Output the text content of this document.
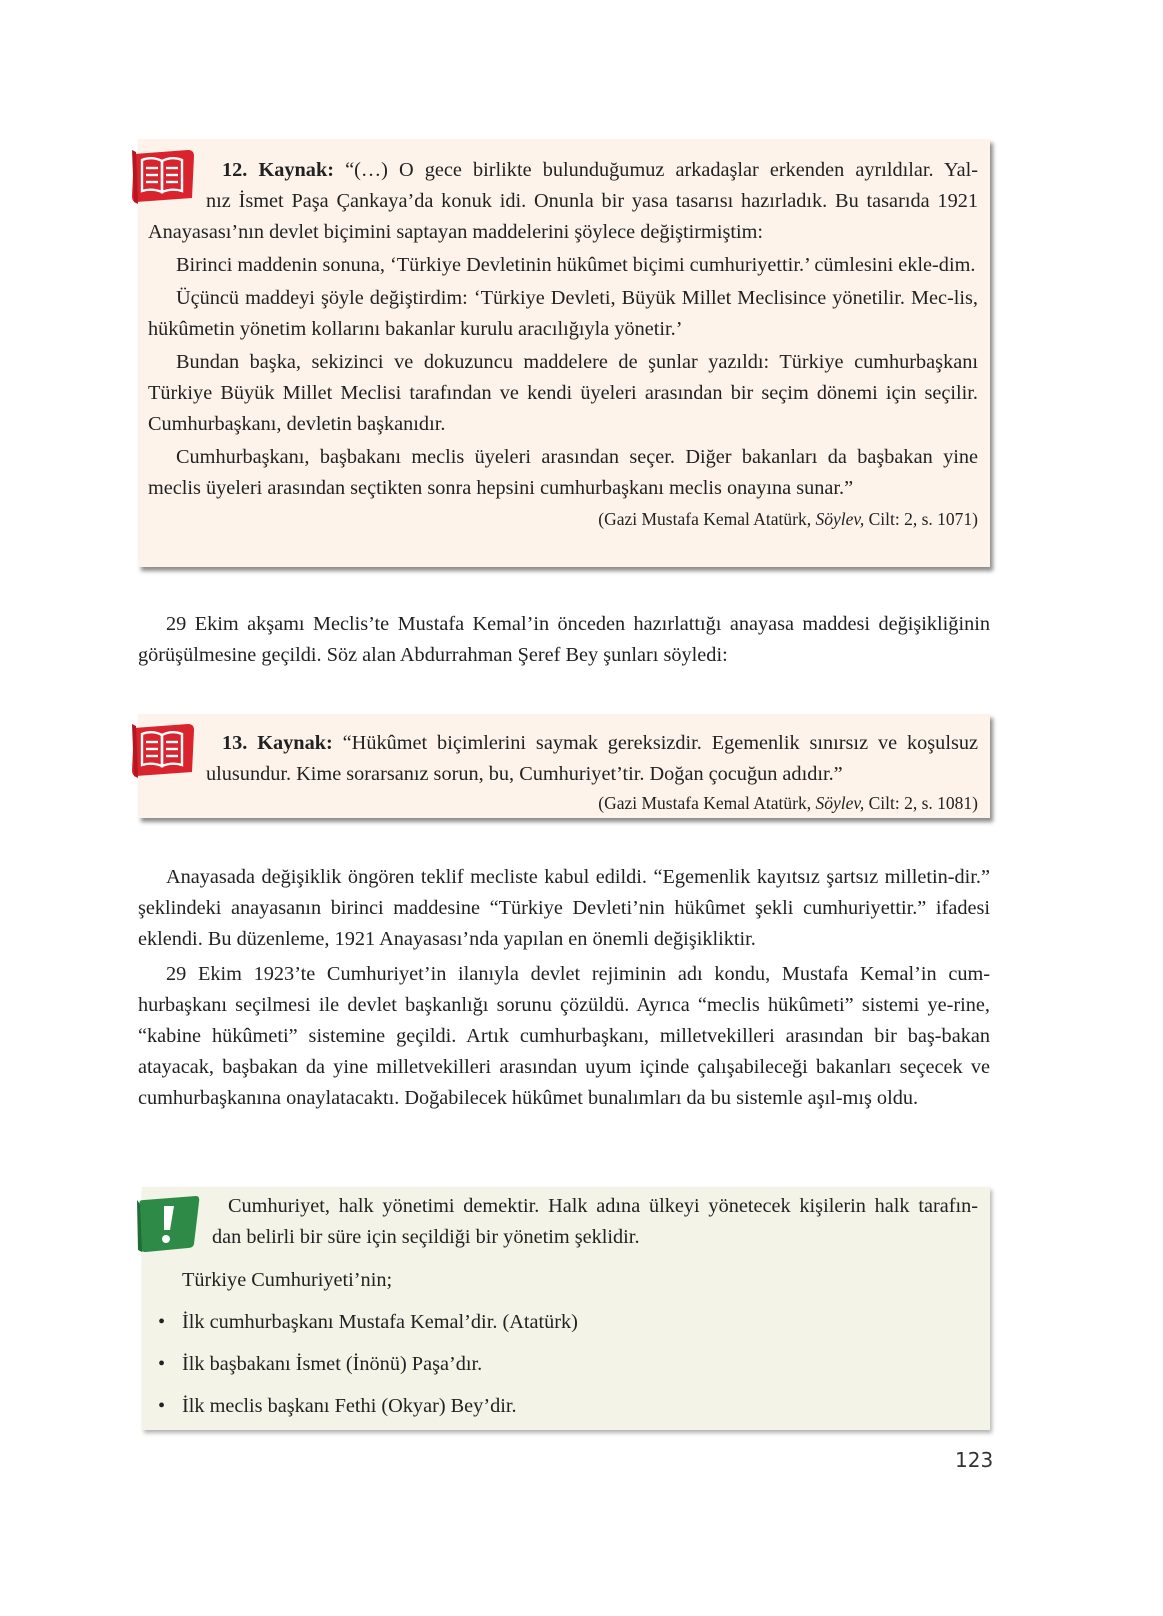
12. Kaynak: “(…) O gece birlikte bulunduğumuz arkadaşlar erkenden ayrıldılar. Yal-
nız İsmet Paşa Çankaya’da konuk idi. Onunla bir yasa tasarısı hazırladık. Bu tasarıda 1921
Anayasası’nın devlet biçimini saptayan maddelerini şöylece değiştirmiştim:

Birinci maddenin sonuna, ‘Türkiye Devletinin hükûmet biçimi cumhuriyettir.’ cümlesini ekle-dim.

Üçüncü maddeyi şöyle değiştirdim: ‘Türkiye Devleti, Büyük Millet Meclisince yönetilir. Mec-lis, hükûmetin yönetim kollarını bakanlar kurulu aracılığıyla yönetir.’

Bundan başka, sekizinci ve dokuzuncu maddelere de şunlar yazıldı: Türkiye cumhurbaşkanı Türkiye Büyük Millet Meclisi tarafından ve kendi üyeleri arasından bir seçim dönemi için seçilir. Cumhurbaşkanı, devletin başkanıdır.

Cumhurbaşkanı, başbakanı meclis üyeleri arasından seçer. Diğer bakanları da başbakan yine meclis üyeleri arasından seçtikten sonra hepsini cumhurbaşkanı meclis onayına sunar.”

(Gazi Mustafa Kemal Atatürk, Söylev, Cilt: 2, s. 1071)

29 Ekim akşamı Meclis’te Mustafa Kemal’in önceden hazırlattığı anayasa maddesi değişikliğinin görüşülmesine geçildi. Söz alan Abdurrahman Şeref Bey şunları söyledi:

13. Kaynak: “Hükûmet biçimlerini saymak gereksizdir. Egemenlik sınırsız ve koşulsuz
ulusundur. Kime sorarsanız sorun, bu, Cumhuriyet’tir. Doğan çocuğun adıdır.”
(Gazi Mustafa Kemal Atatürk, Söylev, Cilt: 2, s. 1081)

Anayasada değişiklik öngören teklif mecliste kabul edildi. “Egemenlik kayıtsız şartsız milletin-dir.” şeklindeki anayasanın birinci maddesine “Türkiye Devleti’nin hükûmet şekli cumhuriyettir.” ifadesi eklendi. Bu düzenleme, 1921 Anayasası’nda yapılan en önemli değişikliktir.

29 Ekim 1923’te Cumhuriyet’in ilanıyla devlet rejiminin adı kondu, Mustafa Kemal’in cum-hurbaşkanı seçilmesi ile devlet başkanlığı sorunu çözüldü. Ayrıca “meclis hükûmeti” sistemi ye-rine, “kabine hükûmeti” sistemine geçildi. Artık cumhurbaşkanı, milletvekilleri arasından bir baş-bakan atayacak, başbakan da yine milletvekilleri arasından uyum içinde çalışabileceği bakanları seçecek ve cumhurbaşkanına onaylatacaktı. Doğabilecek hükûmet bunalımları da bu sistemle aşıl-mış oldu.

Cumhuriyet, halk yönetimi demektir. Halk adına ülkeyi yönetecek kişilerin halk tarafın-
dan belirli bir süre için seçildiği bir yönetim şeklidir.
Türkiye Cumhuriyeti’nin;
• İlk cumhurbaşkanı Mustafa Kemal’dir. (Atatürk)
• İlk başbakanı İsmet (İnönü) Paşa’dır.
• İlk meclis başkanı Fethi (Okyar) Bey’dir.
123
